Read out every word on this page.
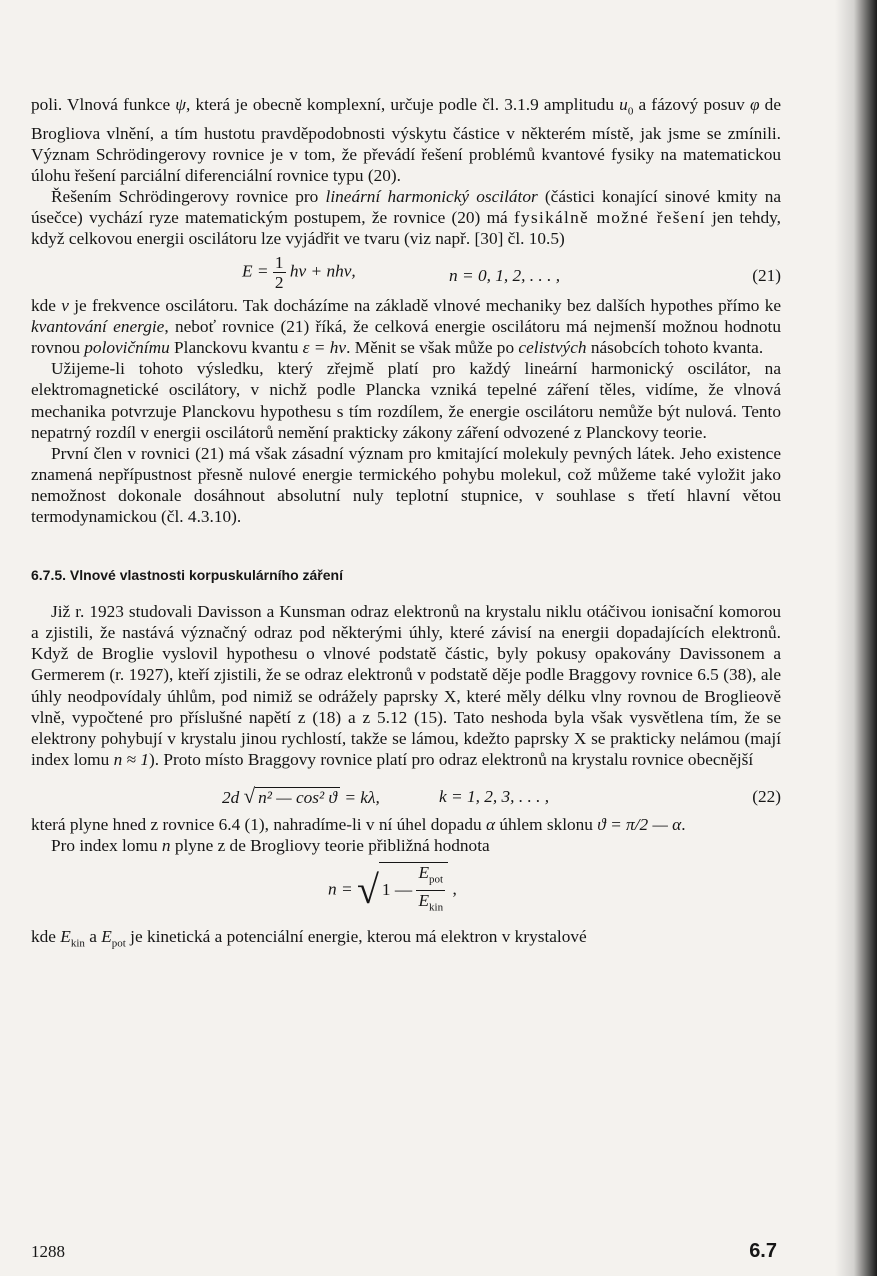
poli. Vlnová funkce ψ, která je obecně komplexní, určuje podle čl. 3.1.9 amplitudu $u_0$ a fázový posuv φ de Brogliova vlnění, a tím hustotu pravděpodobnosti výskytu částice v některém místě, jak jsme se zmínili. Význam Schrödingerovy rovnice je v tom, že převádí řešení problémů kvantové fysiky na matematickou úlohu řešení parciální diferenciální rovnice typu (20).

Řešením Schrödingerovy rovnice pro lineární harmonický oscilátor (částici konající sinové kmity na úsečce) vychází ryze matematickým postupem, že rovnice (20) má fysikálně možné řešení jen tehdy, když celkovou energii oscilátoru lze vyjádřit ve tvaru (viz např. [30] čl. 10.5)

$E = \frac{1}{2}$ hν + nhν,	n = 0, 1, 2, . . . ,	(21)

kde ν je frekvence oscilátoru. Tak docházíme na základě vlnové mechaniky bez dalších hypothes přímo ke kvantování energie, neboť rovnice (21) říká, že celková energie oscilátoru má nejmenší možnou hodnotu rovnou polovičnímu Planckovu kvantu ε = hν. Měnit se však může po celistvých násobcích tohoto kvanta.

Užijeme-li tohoto výsledku, který zřejmě platí pro každý lineární harmonický oscilátor, na elektromagnetické oscilátory, v nichž podle Plancka vzniká tepelné záření těles, vidíme, že vlnová mechanika potvrzuje Planckovu hypothesu s tím rozdílem, že energie oscilátoru nemůže být nulová. Tento nepatrný rozdíl v energii oscilátorů nemění prakticky zákony záření odvozené z Planckovy teorie.

První člen v rovnici (21) má však zásadní význam pro kmitající molekuly pevných látek. Jeho existence znamená nepřípustnost přesně nulové energie termického pohybu molekul, což můžeme také vyložit jako nemožnost dokonale dosáhnout absolutní nuly teplotní stupnice, v souhlase s třetí hlavní větou termodynamickou (čl. 4.3.10).

6.7.5. Vlnové vlastnosti korpuskulárního záření

Již r. 1923 studovali Davisson a Kunsman odraz elektronů na krystalu niklu otáčivou ionisační komorou a zjistili, že nastává význačný odraz pod některými úhly, které závisí na energii dopadajících elektronů. Když de Broglie vyslovil hypothesu o vlnové podstatě částic, byly pokusy opakovány Davissonem a Germerem (r. 1927), kteří zjistili, že se odraz elektronů v podstatě děje podle Braggovy rovnice 6.5 (38), ale úhly neodpovídaly úhlům, pod nimiž se odrážely paprsky X, které měly délku vlny rovnou de Broglieově vlně, vypočtené pro příslušné napětí z (18) a z 5.12 (15). Tato neshoda byla však vysvětlena tím, že se elektrony pohybují v krystalu jinou rychlostí, takže se lámou, kdežto paprsky X se prakticky nelámou (mají index lomu n ≈ 1). Proto místo Braggovy rovnice platí pro odraz elektronů na krystalu rovnice obecnější

2d √ n² — cos² ϑ = kλ,	k = 1, 2, 3, . . . ,	(22)

která plyne hned z rovnice 6.4 (1), nahradíme-li v ní úhel dopadu α úhlem sklonu ϑ = π/2 — α.

Pro index lomu n plyne z de Brogliovy teorie přibližná hodnota

n = √ 1 — $\frac{E_{pot}}{E_{kin}}$ ,

kde $E_{kin}$ a $E_{pot}$ je kinetická a potenciální energie, kterou má elektron v krystalové

1288	6.7
